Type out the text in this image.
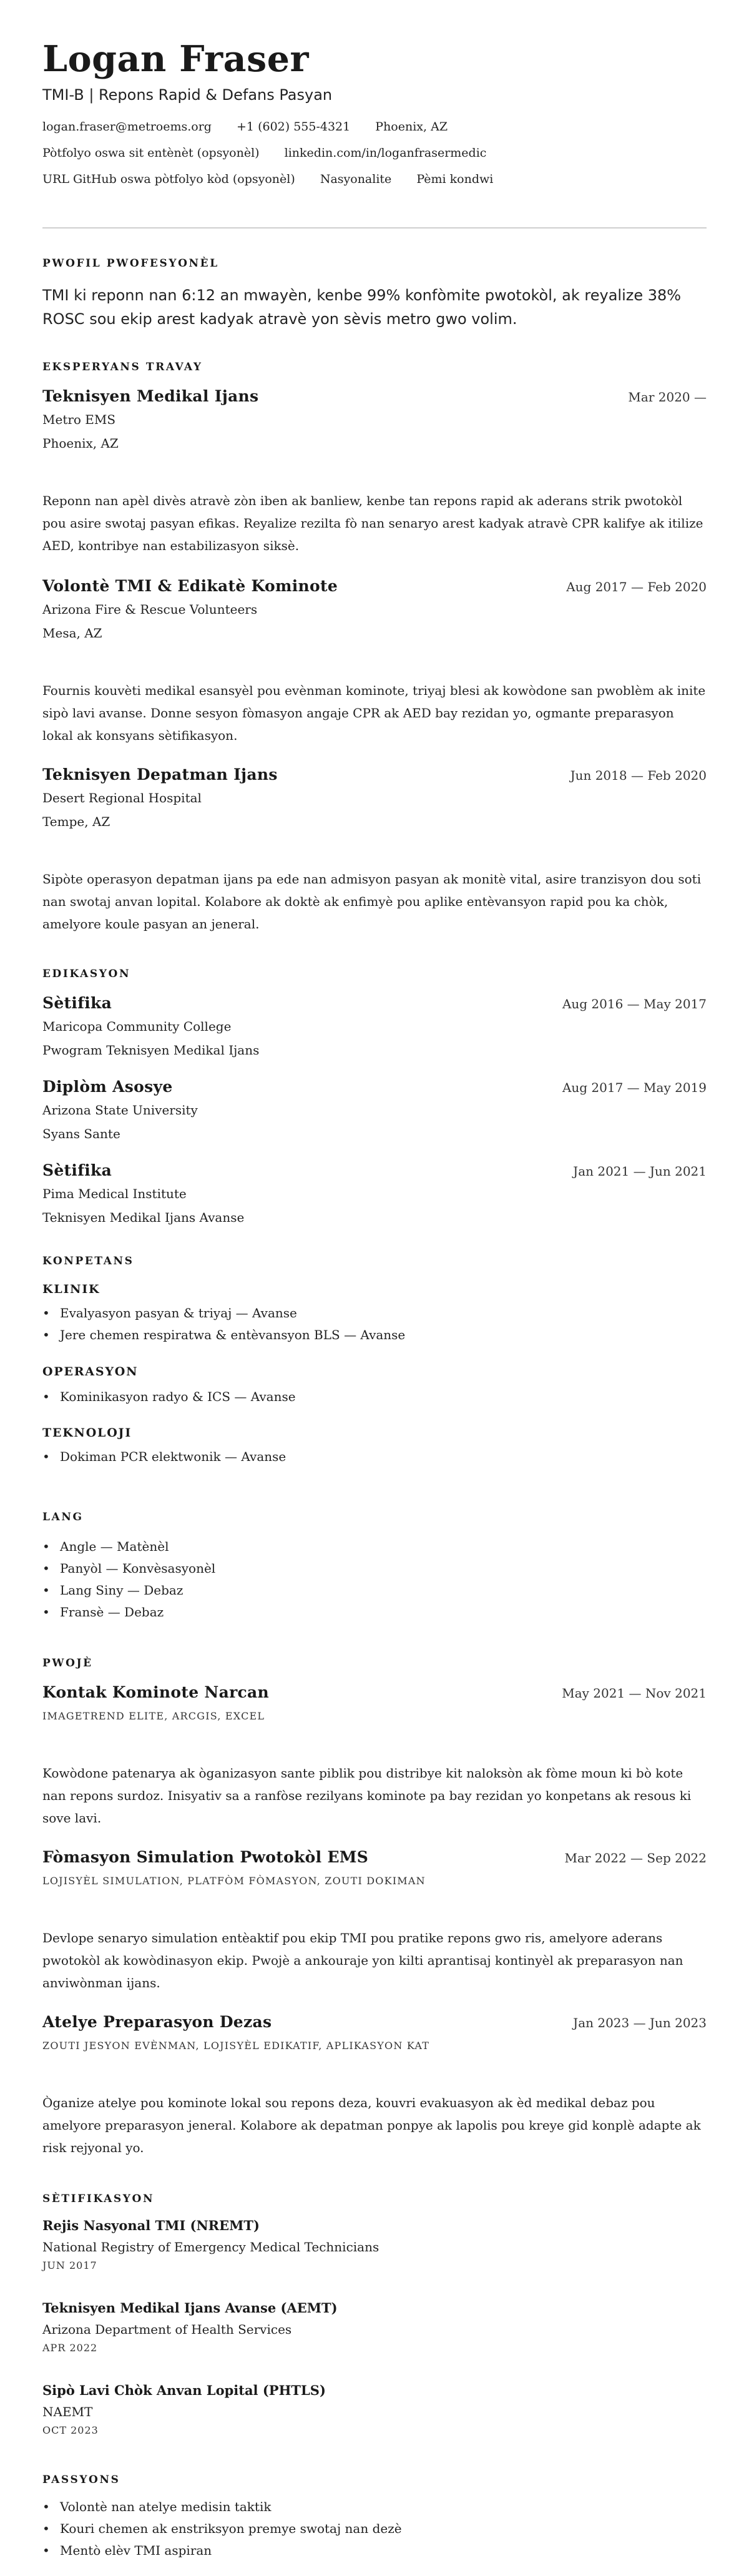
Logan Fraser
TMI-B | Repons Rapid & Defans Pasyan
logan.fraser@metroems.org +1 (602) 555-4321 Phoenix, AZ
Pòtfolyo oswa sit entènèt (opsyonèl) linkedin.com/in/loganfrasermedic
URL GitHub oswa pòtfolyo kòd (opsyonèl) Nasyonalite Pèmi kondwi
PWOFIL PWOFESYONÈL
TMI ki reponn nan 6:12 an mwayèn, kenbe 99% konfòmite pwotokòl, ak reyalize 38% ROSC sou ekip arest kadyak atravè yon sèvis metro gwo volim.
EKSPERYANS TRAVAY
Teknisyen Medikal Ijans	Mar 2020 —
Metro EMS
Phoenix, AZ
Reponn nan apèl divès atravè zòn iben ak banliew, kenbe tan repons rapid ak aderans strik pwotokòl pou asire swotaj pasyan efikas. Reyalize rezilta fò nan senaryo arest kadyak atravè CPR kalifye ak itilize AED, kontribye nan estabilizasyon siksè.
Volontè TMI & Edikatè Kominote	Aug 2017 — Feb 2020
Arizona Fire & Rescue Volunteers
Mesa, AZ
Fournis kouvèti medikal esansyèl pou evènman kominote, triyaj blesi ak kowòdone san pwoblèm ak inite sipò lavi avanse. Donne sesyon fòmasyon angaje CPR ak AED bay rezidan yo, ogmante preparasyon lokal ak konsyans sètifikasyon.
Teknisyen Depatman Ijans	Jun 2018 — Feb 2020
Desert Regional Hospital
Tempe, AZ
Sipòte operasyon depatman ijans pa ede nan admisyon pasyan ak monitè vital, asire tranzisyon dou soti nan swotaj anvan lopital. Kolabore ak doktè ak enfimyè pou aplike entèvansyon rapid pou ka chòk, amelyore koule pasyan an jeneral.
EDIKASYON
Sètifika	Aug 2016 — May 2017
Maricopa Community College
Pwogram Teknisyen Medikal Ijans
Diplòm Asosye	Aug 2017 — May 2019
Arizona State University
Syans Sante
Sètifika	Jan 2021 — Jun 2021
Pima Medical Institute
Teknisyen Medikal Ijans Avanse
KONPETANS
KLINIK
• Evalyasyon pasyan & triyaj — Avanse
• Jere chemen respiratwa & entèvansyon BLS — Avanse
OPERASYON
• Kominikasyon radyo & ICS — Avanse
TEKNOLOJI
• Dokiman PCR elektwonik — Avanse
LANG
• Angle — Matènèl
• Panyòl — Konvèsasyonèl
• Lang Siny — Debaz
• Fransè — Debaz
PWOJÈ
Kontak Kominote Narcan	May 2021 — Nov 2021
IMAGETREND ELITE, ARCGIS, EXCEL
Kowòdone patenarya ak òganizasyon sante piblik pou distribye kit naloksòn ak fòme moun ki bò kote nan repons surdoz. Inisyativ sa a ranfòse rezilyans kominote pa bay rezidan yo konpetans ak resous ki sove lavi.
Fòmasyon Simulation Pwotokòl EMS	Mar 2022 — Sep 2022
LOJISYÈL SIMULATION, PLATFÒM FÒMASYON, ZOUTI DOKIMAN
Devlope senaryo simulation entèaktif pou ekip TMI pou pratike repons gwo ris, amelyore aderans pwotokòl ak kowòdinasyon ekip. Pwojè a ankouraje yon kilti aprantisaj kontinyèl ak preparasyon nan anviwònman ijans.
Atelye Preparasyon Dezas	Jan 2023 — Jun 2023
ZOUTI JESYON EVÈNMAN, LOJISYÈL EDIKATIF, APLIKASYON KAT
Òganize atelye pou kominote lokal sou repons deza, kouvri evakuasyon ak èd medikal debaz pou amelyore preparasyon jeneral. Kolabore ak depatman ponpye ak lapolis pou kreye gid konplè adapte ak risk rejyonal yo.
SÈTIFIKASYON
Rejis Nasyonal TMI (NREMT)
National Registry of Emergency Medical Technicians
JUN 2017
Teknisyen Medikal Ijans Avanse (AEMT)
Arizona Department of Health Services
APR 2022
Sipò Lavi Chòk Anvan Lopital (PHTLS)
NAEMT
OCT 2023
PASSYONS
• Volontè nan atelye medisin taktik
• Kouri chemen ak enstriksyon premye swotaj nan dezè
• Mentò elèv TMI aspiran
